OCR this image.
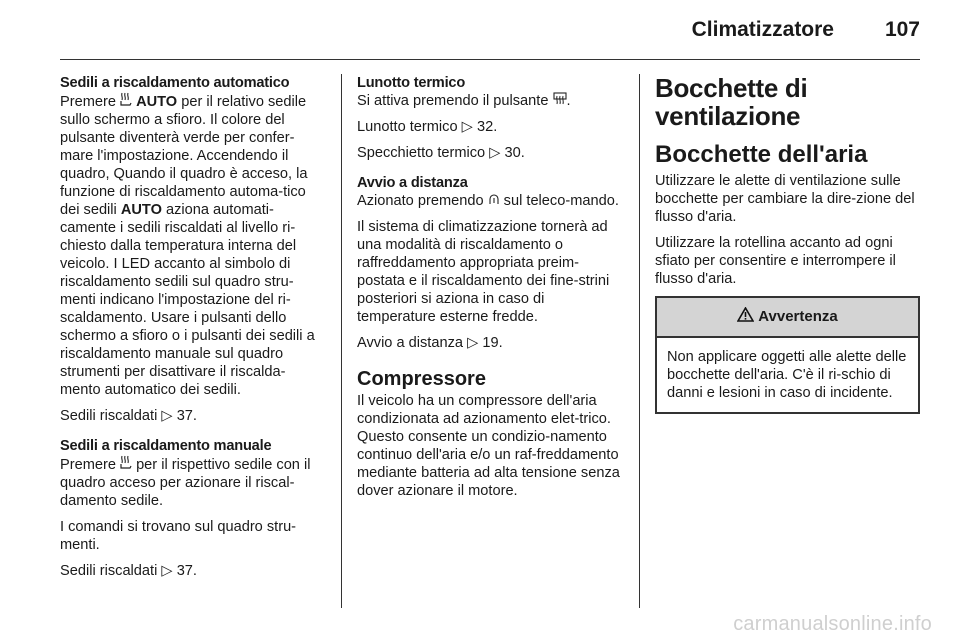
Climatizzatore 107
Sedili a riscaldamento automatico

Premere  AUTO per il relativo sedile sullo schermo a sfioro. Il colore del pulsante diventerà verde per confer-mare l'impostazione. Accendendo il quadro, Quando il quadro è acceso, la funzione di riscaldamento automa-tico dei sedili AUTO aziona automati-camente i sedili riscaldati al livello ri-chiesto dalla temperatura interna del veicolo. I LED accanto al simbolo di riscaldamento sedili sul quadro stru-menti indicano l'impostazione del ri-scaldamento. Usare i pulsanti dello schermo a sfioro o i pulsanti dei sedili a riscaldamento manuale sul quadro strumenti per disattivare il riscalda-mento automatico dei sedili.

Sedili riscaldati ▷ 37.

Sedili a riscaldamento manuale

Premere  per il rispettivo sedile con il quadro acceso per azionare il riscal-damento sedile.

I comandi si trovano sul quadro stru-menti.

Sedili riscaldati ▷ 37.

Lunotto termico

Si attiva premendo il pulsante .

Lunotto termico ▷ 32.

Specchietto termico ▷ 30.

Avvio a distanza

Azionato premendo  sul teleco-mando.

Il sistema di climatizzazione tornerà ad una modalità di riscaldamento o raffreddamento appropriata preim-postata e il riscaldamento dei fine-strini posteriori si aziona in caso di temperature esterne fredde.

Avvio a distanza ▷ 19.

Compressore

Il veicolo ha un compressore dell'aria condizionata ad azionamento elet-trico. Questo consente un condizio-namento continuo dell'aria e/o un raf-freddamento mediante batteria ad alta tensione senza dover azionare il motore.

Bocchette di
ventilazione
Bocchette dell'aria

Utilizzare le alette di ventilazione sulle bocchette per cambiare la dire-zione del flusso d'aria.

Utilizzare la rotellina accanto ad ogni sfiato per consentire e interrompere il flusso d'aria.

Avvertenza
Non applicare oggetti alle alette delle bocchette dell'aria. C'è il ri-schio di danni e lesioni in caso di incidente.
carmanualsonline.info
